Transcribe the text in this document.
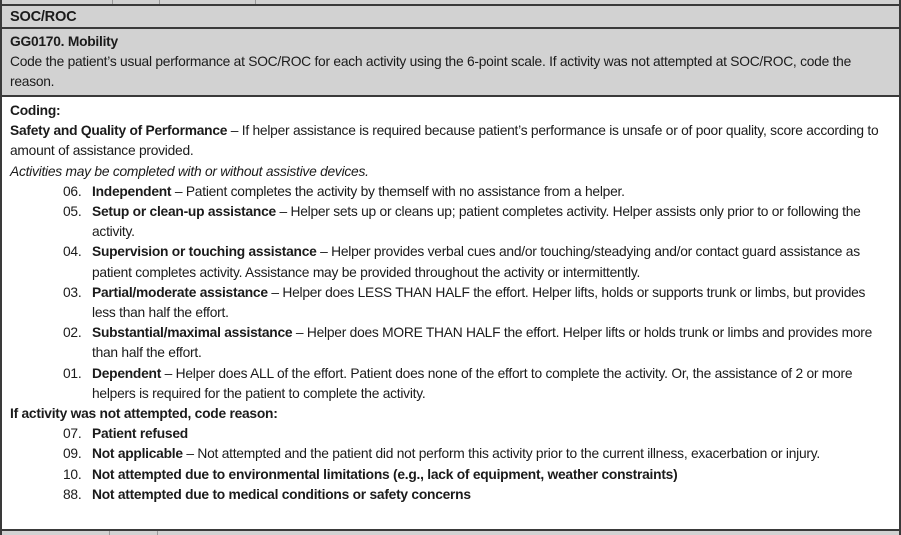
SOC/ROC
GG0170. Mobility
Code the patient’s usual performance at SOC/ROC for each activity using the 6-point scale. If activity was not attempted at SOC/ROC, code the reason.
Coding:
Safety and Quality of Performance – If helper assistance is required because patient’s performance is unsafe or of poor quality, score according to amount of assistance provided.
Activities may be completed with or without assistive devices.
06. Independent – Patient completes the activity by themself with no assistance from a helper.
05. Setup or clean-up assistance – Helper sets up or cleans up; patient completes activity. Helper assists only prior to or following the activity.
04. Supervision or touching assistance – Helper provides verbal cues and/or touching/steadying and/or contact guard assistance as patient completes activity. Assistance may be provided throughout the activity or intermittently.
03. Partial/moderate assistance – Helper does LESS THAN HALF the effort. Helper lifts, holds or supports trunk or limbs, but provides less than half the effort.
02. Substantial/maximal assistance – Helper does MORE THAN HALF the effort. Helper lifts or holds trunk or limbs and provides more than half the effort.
01. Dependent – Helper does ALL of the effort. Patient does none of the effort to complete the activity. Or, the assistance of 2 or more helpers is required for the patient to complete the activity.
If activity was not attempted, code reason:
07. Patient refused
09. Not applicable – Not attempted and the patient did not perform this activity prior to the current illness, exacerbation or injury.
10. Not attempted due to environmental limitations (e.g., lack of equipment, weather constraints)
88. Not attempted due to medical conditions or safety concerns
